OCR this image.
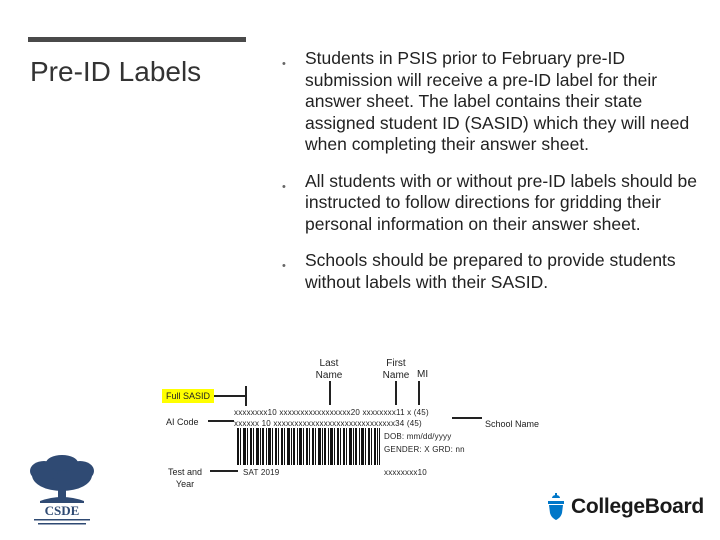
Pre-ID Labels	• Students in PSIS prior to February pre-ID submission will receive a pre-ID label for their answer sheet. The label contains their state assigned student ID (SASID) which they will need when completing their answer sheet.
• All students with or without pre-ID labels should be instructed to follow directions for gridding their personal information on their answer sheet.
• Schools should be prepared to provide students without labels with their SASID.
Last
Name
First
Name MI
Full SASID
AI Code
Test and
Year
School Name
xxxxxxxx10 xxxxxxxxxxxxxxxxx20 xxxxxxxx11 x (45)
xxxxxx 10 xxxxxxxxxxxxxxxxxxxxxxxxxxxxx34 (45)
DOB: mm/dd/yyyy
GENDER: X GRD: nn
SAT 2019	xxxxxxxx10
CSDE	CollegeBoard
